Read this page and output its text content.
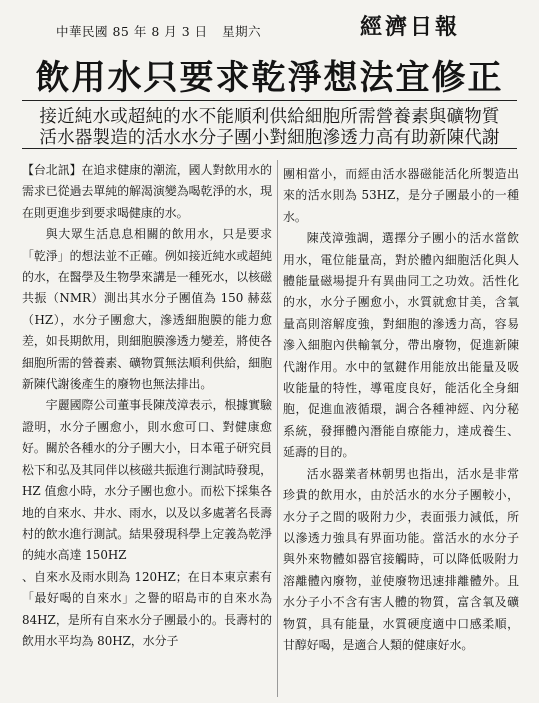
中華民國 85 年 8 月 3 日 星期六	經濟日報
飲用水只要求乾淨想法宜修正
接近純水或超純的水不能順利供給細胞所需營養素與礦物質
活水器製造的活水水分子團小對細胞滲透力高有助新陳代謝

【台北訊】在追求健康的潮流，國人對飲用水的需求已從過去單純的解渴演變為喝乾淨的水，現在則更進步到要求喝健康的水。

與大眾生活息息相關的飲用水，只是要求「乾淨」的想法並不正確。例如接近純水或超純的水，在醫學及生物學來講是一種死水，以核磁共振（NMR）測出其水分子團值為 150 赫茲（HZ），水分子團愈大，滲透細胞膜的能力愈差，如長期飲用，則細胞膜滲透力變差，將使各細胞所需的營養素、礦物質無法順利供給，細胞新陳代謝後產生的廢物也無法排出。

宇麗國際公司董事長陳茂漳表示，根據實驗證明，水分子團愈小，則水愈可口、對健康愈好。關於各種水的分子團大小，日本電子研究員松下和弘及其同伴以核磁共振進行測試時發現，HZ 值愈小時，水分子團也愈小。而松下採集各地的自來水、井水、雨水，以及以多處著名長壽村的飲水進行測試。結果發現科學上定義為乾淨的純水高達 150HZ

、自來水及雨水則為 120HZ；在日本東京素有「最好喝的自來水」之譽的昭島市的自來水為 84HZ，是所有自來水分子團最小的。長壽村的飲用水平均為 80HZ，水分子

團相當小，而經由活水器磁能活化所製造出來的活水則為 53HZ，是分子團最小的一種水。

陳茂漳強調，選擇分子團小的活水當飲用水，電位能量高，對於體內細胞活化與人體能量磁場提升有異曲同工之功效。活性化的水，水分子團愈小，水質就愈甘美，含氧量高則溶解度強，對細胞的滲透力高，容易滲入細胞內供輸氧分，帶出廢物，促進新陳代謝作用。水中的氫鍵作用能放出能量及吸收能量的特性，導電度良好，能活化全身細胞，促進血液循環，調合各種神經、內分秘系統，發揮體內潛能自療能力，達成養生、延壽的目的。

活水器業者林朝男也指出，活水是非常珍貴的飲用水，由於活水的水分子團較小，水分子之間的吸附力少，表面張力減低，所以滲透力強具有界面功能。當活水的水分子與外來物體如器官接觸時，可以降低吸附力溶離體內廢物，並使廢物迅速排離體外。且水分子小不含有害人體的物質，富含氧及礦物質，具有能量，水質硬度適中口感柔順，甘醇好喝，是適合人類的健康好水。
